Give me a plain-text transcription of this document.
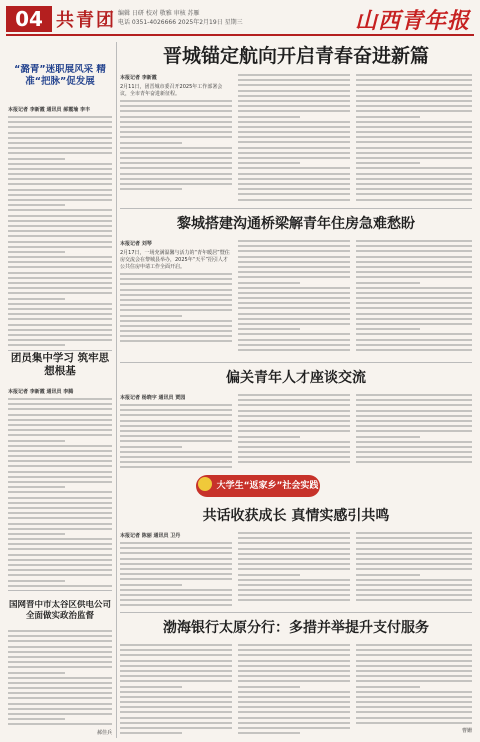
04 共青团 编辑 日研 校对 敬雅 审核 苏雁
电话 0351-4026666 2025年2月19日 星期三	山西青年报
“潞青”迷职展风采 精准“把脉”促发展
本报记者 李新霞 通讯员 郝霞瑜 李丰
团员集中学习 筑牢思想根基
本报记者 李新霞 通讯员 李腾
国网晋中市太谷区供电公司 全面做实政治监督
郝佳兵
晋城锚定航向开启青春奋进新篇
本报记者 李新霞
2月11日，团晋城市委召开2025年工作部署会议，全市青年奋进新征程。
黎城搭建沟通桥梁解青年住房急难愁盼
本报记者 刘琴
2月17日，一场充满温馨与活力的“青年暖居”暨住房交流会在黎城县举办，2025年“天平”招引人才公共住房申请工作全面开启。
偏关青年人才座谈交流
本报记者 杨晓宇 通讯员 贾园
大学生“返家乡”社会实践
共话收获成长 真情实感引共鸣
本报记者 陈丽 通讯员 卫丹
渤海银行太原分行：多措并举提升支付服务
曹姗
